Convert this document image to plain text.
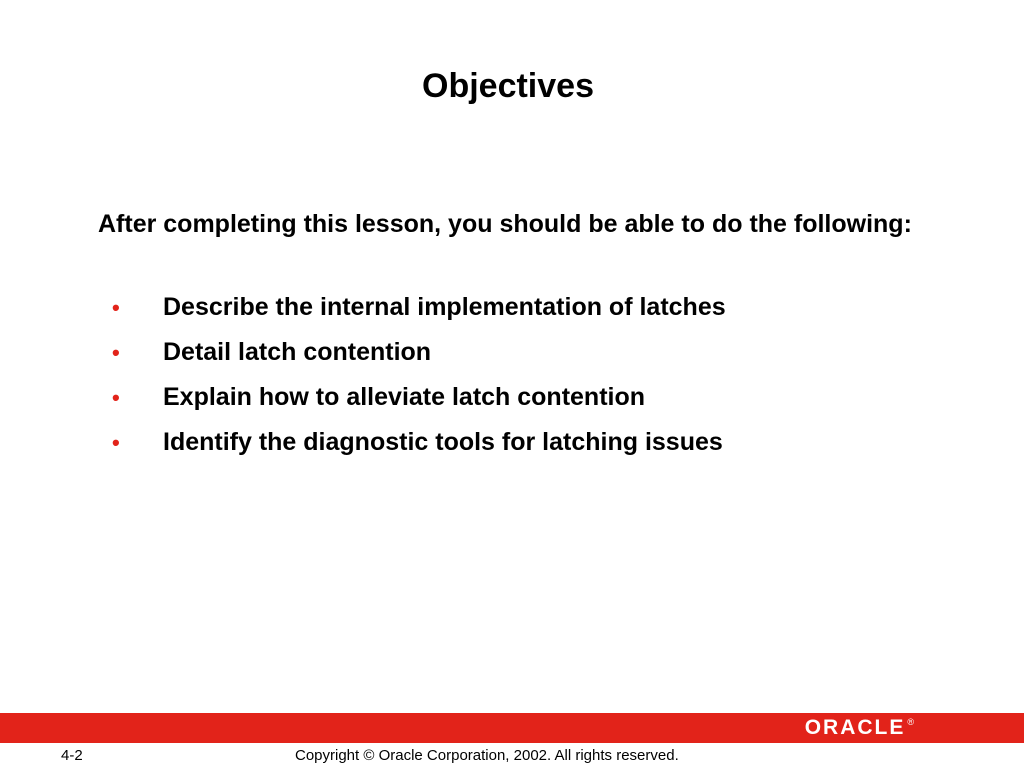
Objectives

After completing this lesson, you should be able to do the following:

• Describe the internal implementation of latches
• Detail latch contention
• Explain how to alleviate latch contention
• Identify the diagnostic tools for latching issues
ORACLE ®
4-2	Copyright © Oracle Corporation, 2002. All rights reserved.
